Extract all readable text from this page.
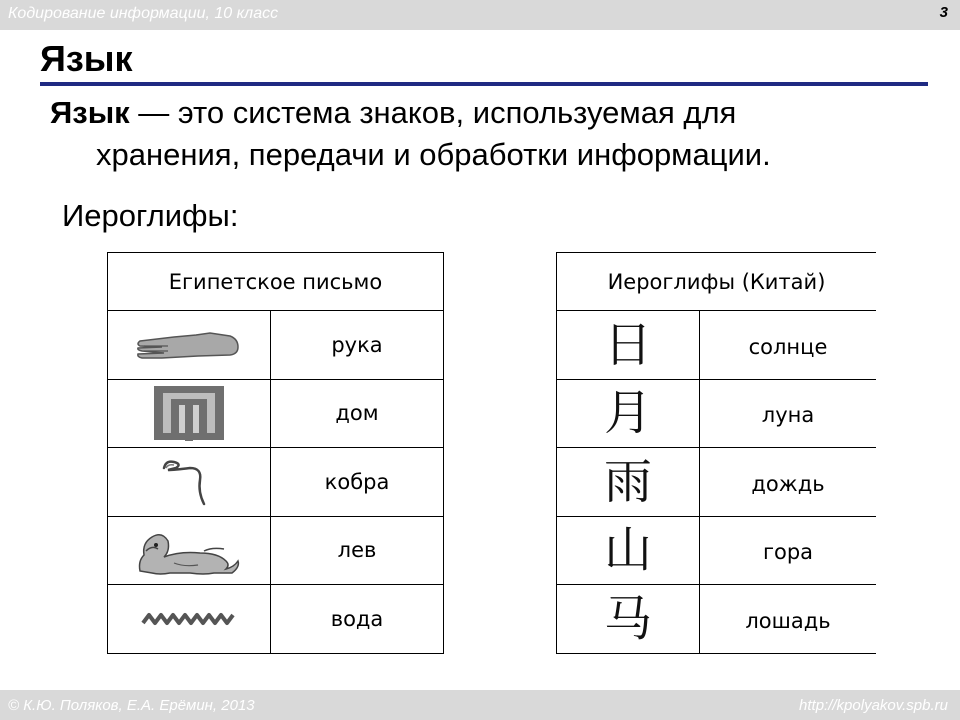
Кодирование информации, 10 класс	3
Язык
Язык — это система знаков, используемая для
хранения, передачи и обработки информации.
Иероглифы:
Египетское письмо
рука
дом
кобра
лев
вода
Иероглифы (Китай)
日	солнце
月	луна
雨	дождь
山	гора
马	лошадь
© К.Ю. Поляков, Е.А. Ерёмин, 2013	http://kpolyakov.spb.ru
